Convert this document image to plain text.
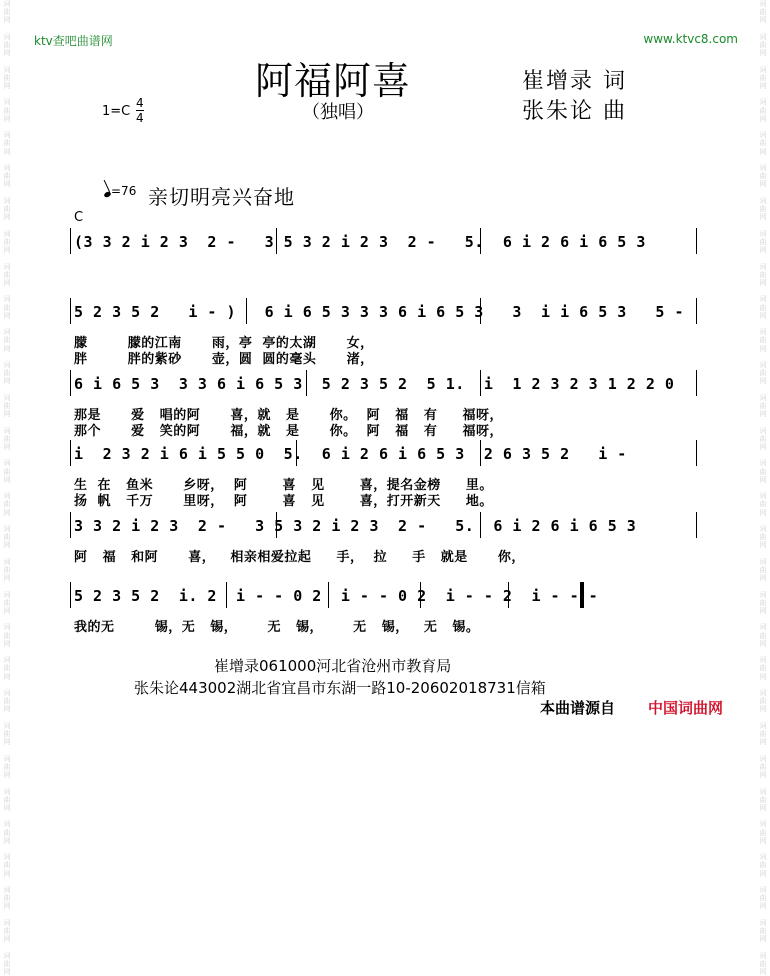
词
曲
网

词
曲
网

词
曲
网

词
曲
网

词
曲
网

词
曲
网

词
曲
网

词
曲
网

词
曲
网

词
曲
网

词
曲
网

词
曲
网

词
曲
网

词
曲
网

词
曲
网

词
曲
网

词
曲
网

词
曲
网

词
曲
网

词
曲
网

词
曲
网

词
曲
网

词
曲
网

词
曲
网

词
曲
网

词
曲
网

词
曲
网

词
曲
网

词
曲
网

词
曲
网

词
曲
网

词
曲
网

词
曲
网

词
曲
网

词
曲
网

词
曲
网

词
曲
网

词
曲
网

词
曲
网

词
曲
网

词
曲
网

词
曲
网

词
曲
网

词
曲
网

词
曲
网

词
曲
网

词
曲
网

词
曲
网

词
曲
网

词
曲
网

词
曲
网

词
曲
网

词
曲
网

词
曲
网

词
曲
网

词
曲
网

词
曲
网

词
曲
网

词
曲
网

词
曲
网

ktv查吧曲谱网	www.ktvc8.com
阿福阿喜
（独唱）
崔增录 词
张朱论 曲
$1=C \frac{4}{4}$
=76 亲切明亮兴奋地
C
(3 3 2 i 2 3  2 -   3 5 3 2 i 2 3  2 -   5.  6 i 2 6 i 6 5 3
5 2 3 5 2   i - )   6 i 6 5 3 3 3 6 i 6 5 3   3  i i 6 5 3   5 -
朦        朦的江南      雨，亭  亭的太湖      女，
胖        胖的紫砂      壶，圆  圆的毫头      渚，
6 i 6 5 3  3 3 6 i 6 5 3  5 2 3 5 2  5 1.  i  1 2 3 2 3 1 2 2 0
那是      爱   唱的阿      喜，就   是      你。  阿   福   有     福呀，
那个      爱   笑的阿      福，就   是      你。  阿   福   有     福呀，
i  2 3 2 i 6 i 5 5 0  5.  6 i 2 6 i 6 5 3  2 6 3 5 2   i -
生  在   鱼米      乡呀，  阿       喜   见       喜，提名金榜     里。
扬  帆   千万      里呀，  阿       喜   见       喜，打开新天     地。
3 3 2 i 2 3  2 -   3 5 3 2 i 2 3  2 -   5.  6 i 2 6 i 6 5 3
阿   福   和阿      喜，   相亲相爱拉起     手，  拉     手   就是      你，
5 2 3 5 2  i. 2  i - - 0 2  i - - 0 2  i - - 2  i - - -
我的无        锡，无   锡，      无   锡，      无   锡，   无   锡。
崔增录061000河北省沧州市教育局
张朱论443002湖北省宜昌市东湖一路10-20602018731信箱
本曲谱源自 中国词曲网
